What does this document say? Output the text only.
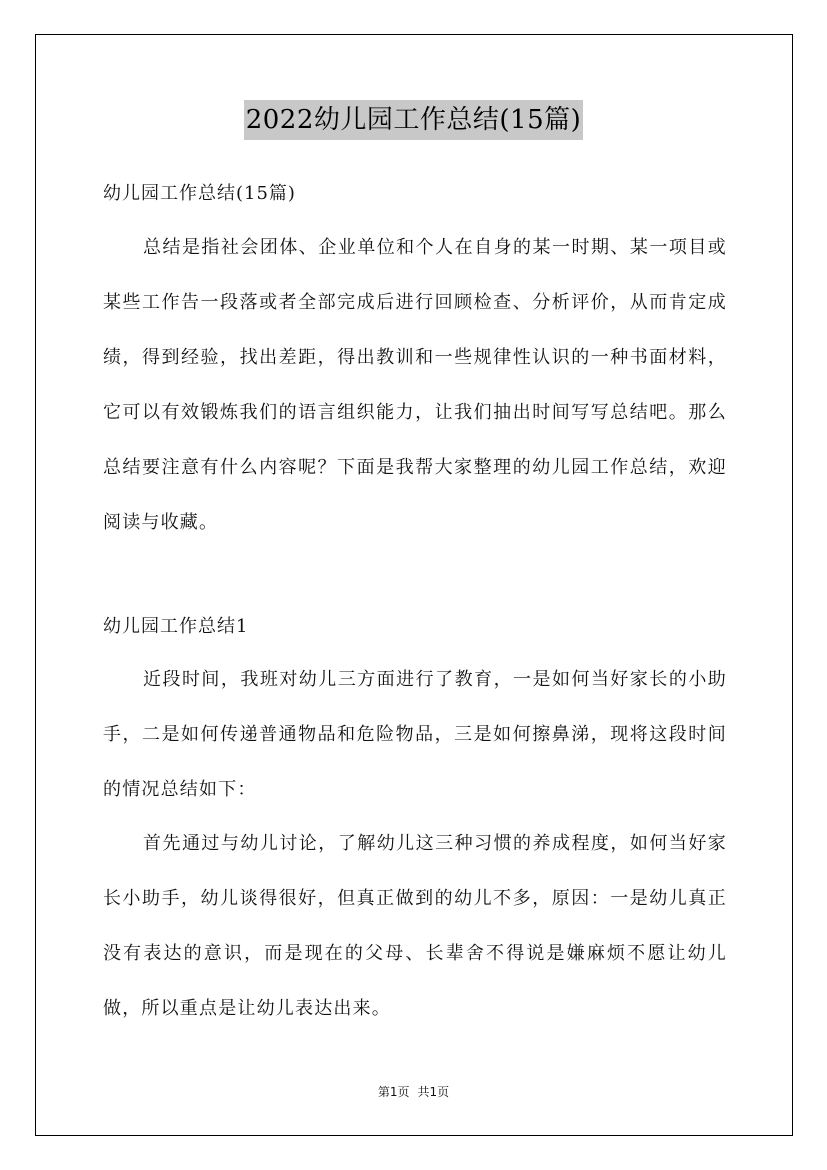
2022幼儿园工作总结(15篇)
幼儿园工作总结(15篇)

总结是指社会团体、企业单位和个人在自身的某一时期、某一项目或某些工作告一段落或者全部完成后进行回顾检查、分析评价，从而肯定成绩，得到经验，找出差距，得出教训和一些规律性认识的一种书面材料，它可以有效锻炼我们的语言组织能力，让我们抽出时间写写总结吧。那么总结要注意有什么内容呢？下面是我帮大家整理的幼儿园工作总结，欢迎阅读与收藏。

幼儿园工作总结1

近段时间，我班对幼儿三方面进行了教育，一是如何当好家长的小助手，二是如何传递普通物品和危险物品，三是如何擦鼻涕，现将这段时间的情况总结如下：

首先通过与幼儿讨论，了解幼儿这三种习惯的养成程度，如何当好家长小助手，幼儿谈得很好，但真正做到的幼儿不多，原因：一是幼儿真正没有表达的意识，而是现在的父母、长辈舍不得说是嫌麻烦不愿让幼儿做，所以重点是让幼儿表达出来。

第1页 共1页
